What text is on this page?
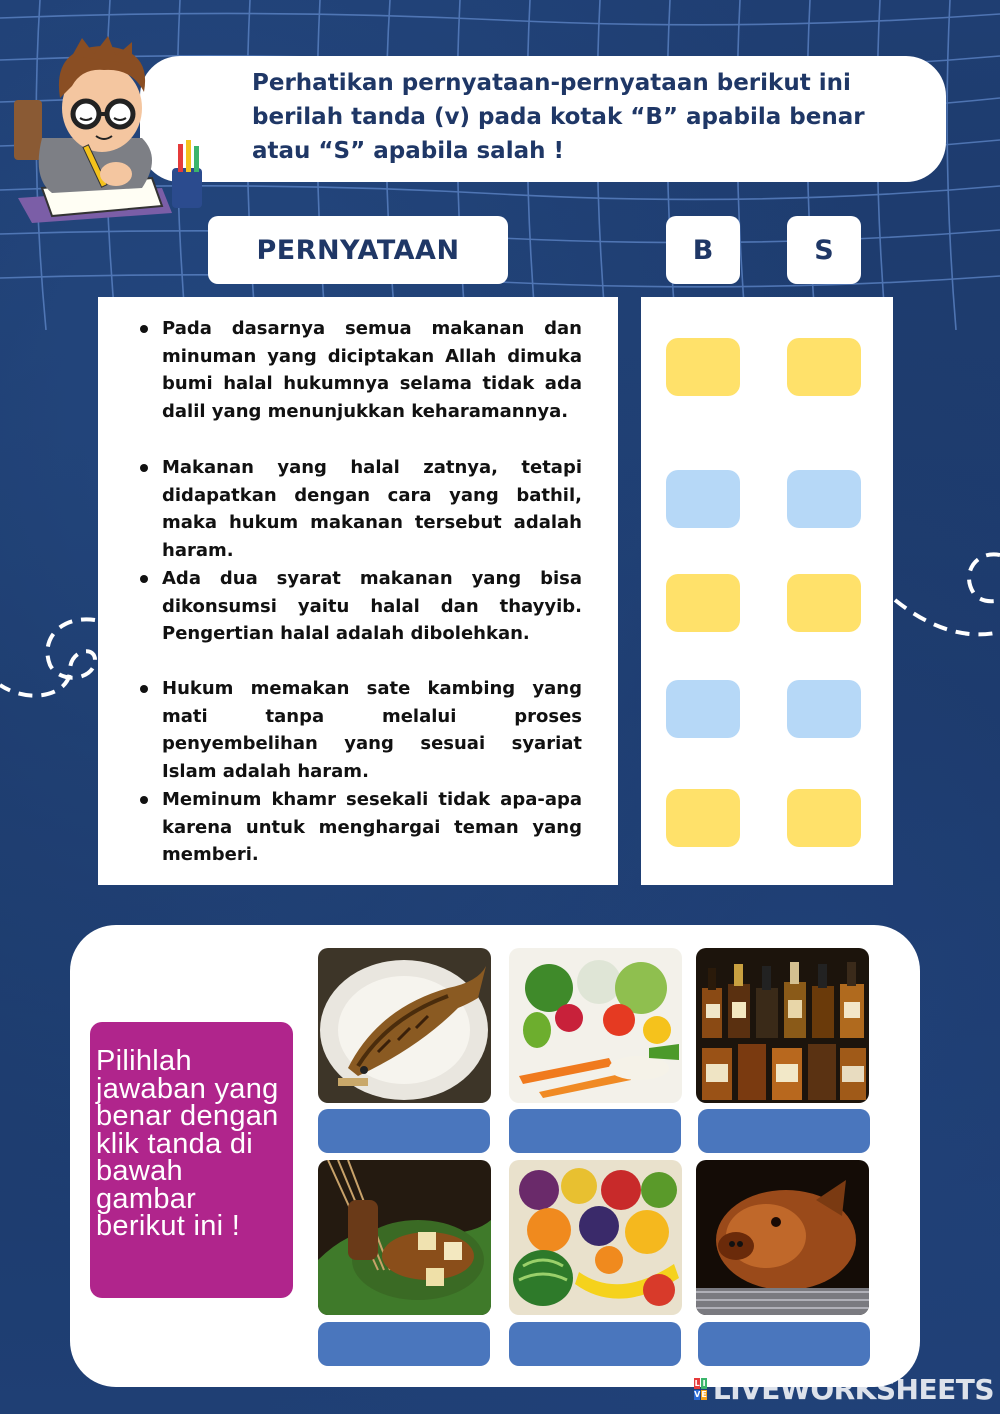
Perhatikan pernyataan-pernyataan berikut ini berilah tanda (v) pada kotak “B” apabila benar atau “S” apabila salah !
PERNYATAAN	B	S
Pada dasarnya semua makanan dan minuman yang diciptakan Allah dimuka bumi halal hukumnya selama tidak ada dalil yang menunjukkan keharamannya.
Makanan yang halal zatnya, tetapi didapatkan dengan cara yang bathil, maka hukum makanan tersebut adalah haram.
Ada dua syarat makanan yang bisa dikonsumsi yaitu halal dan thayyib. Pengertian halal adalah dibolehkan.
Hukum memakan sate kambing yang mati tanpa melalui proses penyembelihan yang sesuai syariat Islam adalah haram.
Meminum khamr sesekali tidak apa-apa karena untuk menghargai teman yang memberi.
Pilihlah jawaban yang benar dengan klik tanda di bawah gambar berikut ini !
L I
V E LIVEWORKSHEETS
